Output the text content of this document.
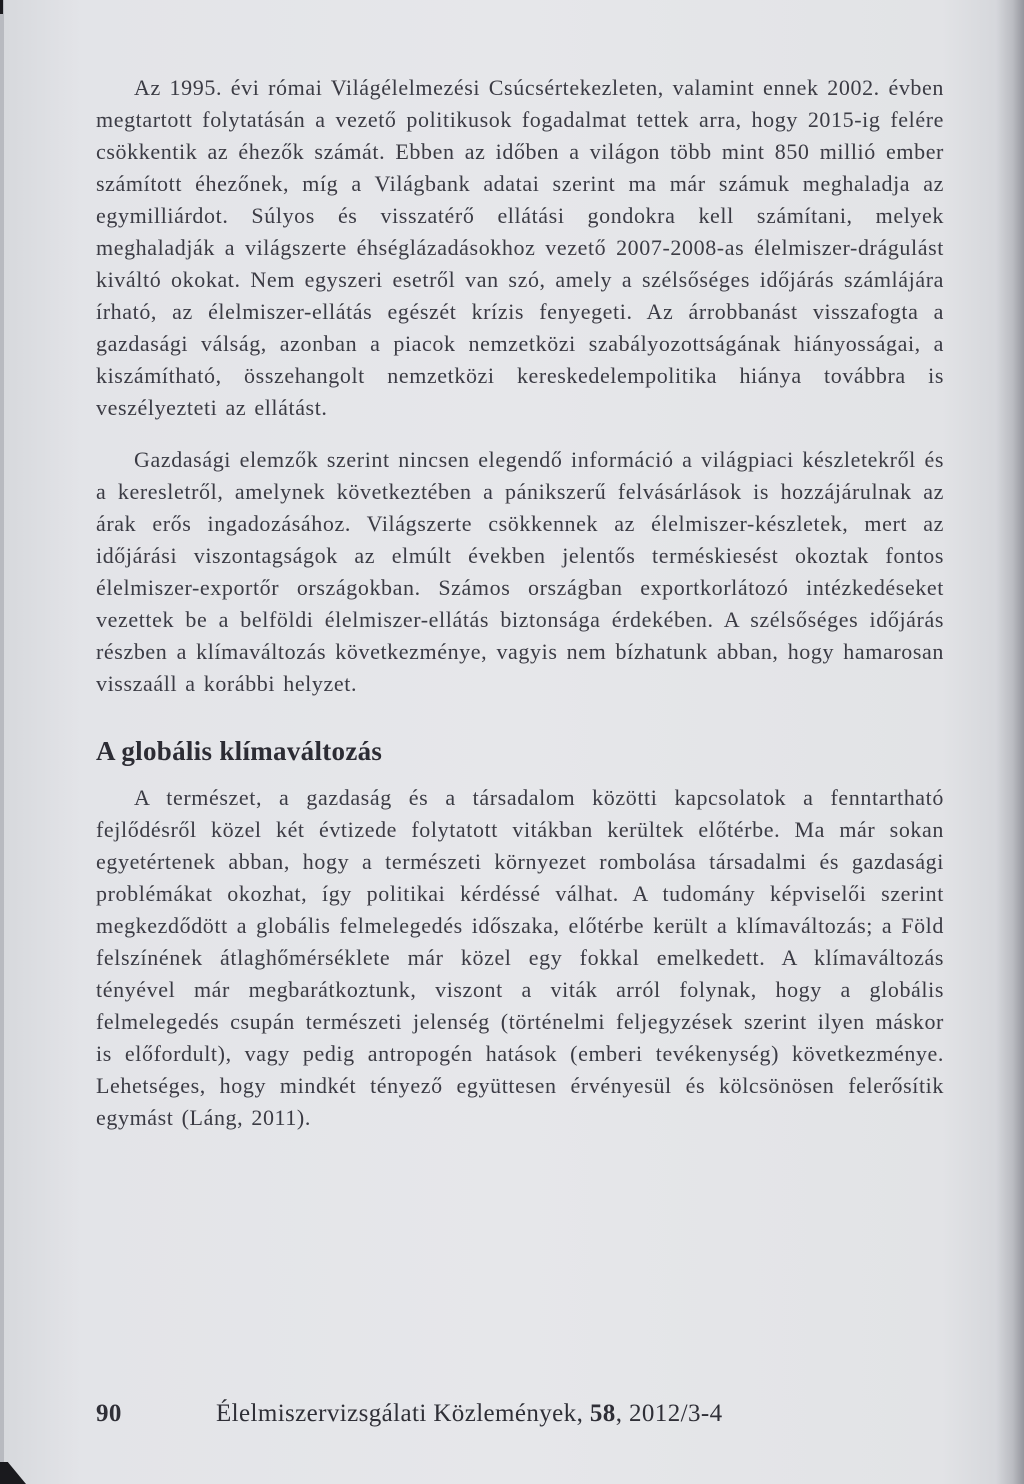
Az 1995. évi római Világélelmezési Csúcsértekezleten, valamint ennek 2002. évben megtartott folytatásán a vezető politikusok fogadalmat tettek arra, hogy 2015-ig felére csökkentik az éhezők számát. Ebben az időben a világon több mint 850 millió ember számított éhezőnek, míg a Világbank adatai szerint ma már számuk meghaladja az egymilliárdot. Súlyos és visszatérő ellátási gondokra kell számítani, melyek meghaladják a világszerte éhséglázadásokhoz vezető 2007-2008-as élelmiszer-drágulást kiváltó okokat. Nem egyszeri esetről van szó, amely a szélsőséges időjárás számlájára írható, az élelmiszer-ellátás egészét krízis fenyegeti. Az árrobbanást visszafogta a gazdasági válság, azonban a piacok nemzetközi szabályozottságának hiányosságai, a kiszámítható, összehangolt nemzetközi kereskedelempolitika hiánya továbbra is veszélyezteti az ellátást.

Gazdasági elemzők szerint nincsen elegendő információ a világpiaci készletekről és a keresletről, amelynek következtében a pánikszerű felvásárlások is hozzájárulnak az árak erős ingadozásához. Világszerte csökkennek az élelmiszer-készletek, mert az időjárási viszontagságok az elmúlt években jelentős terméskiesést okoztak fontos élelmiszer-exportőr országokban. Számos országban exportkorlátozó intézkedéseket vezettek be a belföldi élelmiszer-ellátás biztonsága érdekében. A szélsőséges időjárás részben a klímaváltozás következménye, vagyis nem bízhatunk abban, hogy hamarosan visszaáll a korábbi helyzet.

A globális klímaváltozás

A természet, a gazdaság és a társadalom közötti kapcsolatok a fenntartható fejlődésről közel két évtizede folytatott vitákban kerültek előtérbe. Ma már sokan egyetértenek abban, hogy a természeti környezet rombolása társadalmi és gazdasági problémákat okozhat, így politikai kérdéssé válhat. A tudomány képviselői szerint megkezdődött a globális felmelegedés időszaka, előtérbe került a klímaváltozás; a Föld felszínének átlaghőmérséklete már közel egy fokkal emelkedett. A klímaváltozás tényével már megbarátkoztunk, viszont a viták arról folynak, hogy a globális felmelegedés csupán természeti jelenség (történelmi feljegyzések szerint ilyen máskor is előfordult), vagy pedig antropogén hatások (emberi tevékenység) következménye. Lehetséges, hogy mindkét tényező együttesen érvényesül és kölcsönösen felerősítik egymást (Láng, 2011).

90	Élelmiszervizsgálati Közlemények, 58, 2012/3-4
